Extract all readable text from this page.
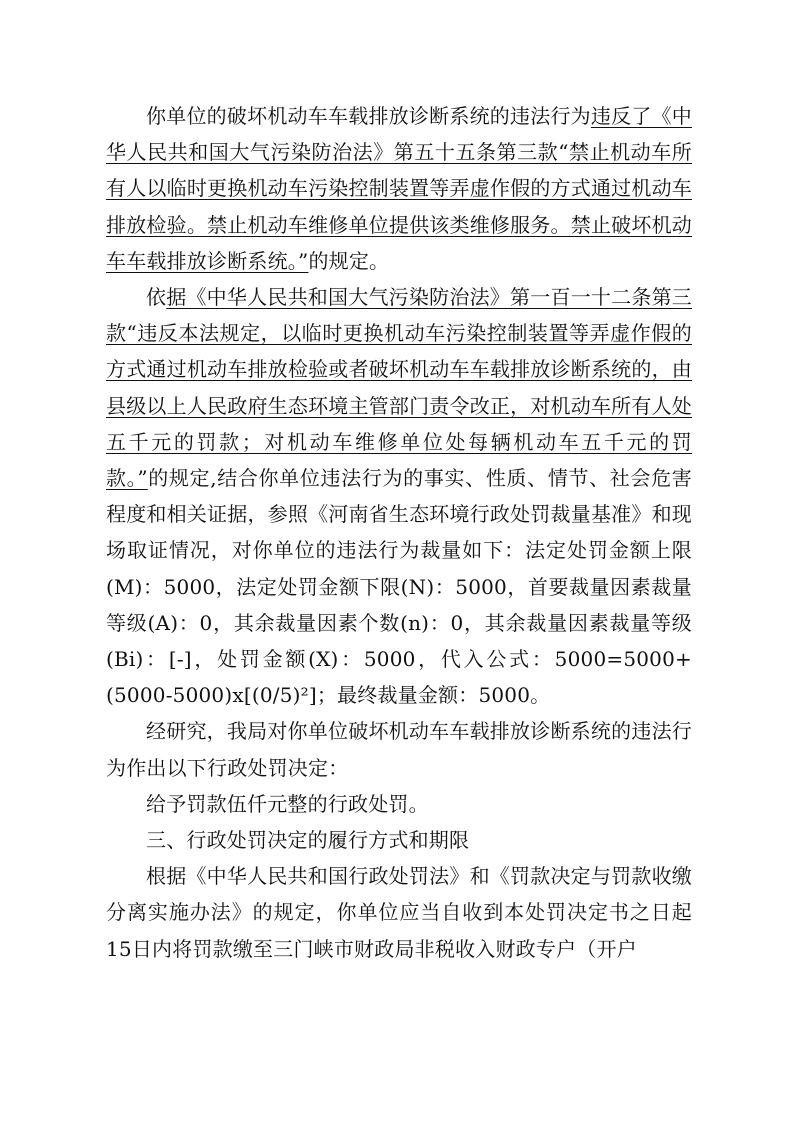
你单位的破坏机动车车载排放诊断系统的违法行为违反了《中华人民共和国大气污染防治法》第五十五条第三款“禁止机动车所有人以临时更换机动车污染控制装置等弄虚作假的方式通过机动车排放检验。禁止机动车维修单位提供该类维修服务。禁止破坏机动车车载排放诊断系统。”的规定。

依据《中华人民共和国大气污染防治法》第一百一十二条第三款“违反本法规定，以临时更换机动车污染控制装置等弄虚作假的方式通过机动车排放检验或者破坏机动车车载排放诊断系统的，由县级以上人民政府生态环境主管部门责令改正，对机动车所有人处五千元的罚款；对机动车维修单位处每辆机动车五千元的罚款。”的规定,结合你单位违法行为的事实、性质、情节、社会危害程度和相关证据，参照《河南省生态环境行政处罚裁量基准》和现场取证情况，对你单位的违法行为裁量如下：法定处罚金额上限(M)：5000，法定处罚金额下限(N)：5000，首要裁量因素裁量等级(A)：0，其余裁量因素个数(n)：0，其余裁量因素裁量等级(Bi)：[-]，处罚金额(X)：5000，代入公式：5000=5000+(5000-5000)x[(0/5)²]；最终裁量金额：5000。

经研究，我局对你单位破坏机动车车载排放诊断系统的违法行为作出以下行政处罚决定：

给予罚款伍仟元整的行政处罚。

三、行政处罚决定的履行方式和期限

根据《中华人民共和国行政处罚法》和《罚款决定与罚款收缴分离实施办法》的规定，你单位应当自收到本处罚决定书之日起15日内将罚款缴至三门峡市财政局非税收入财政专户（开户
